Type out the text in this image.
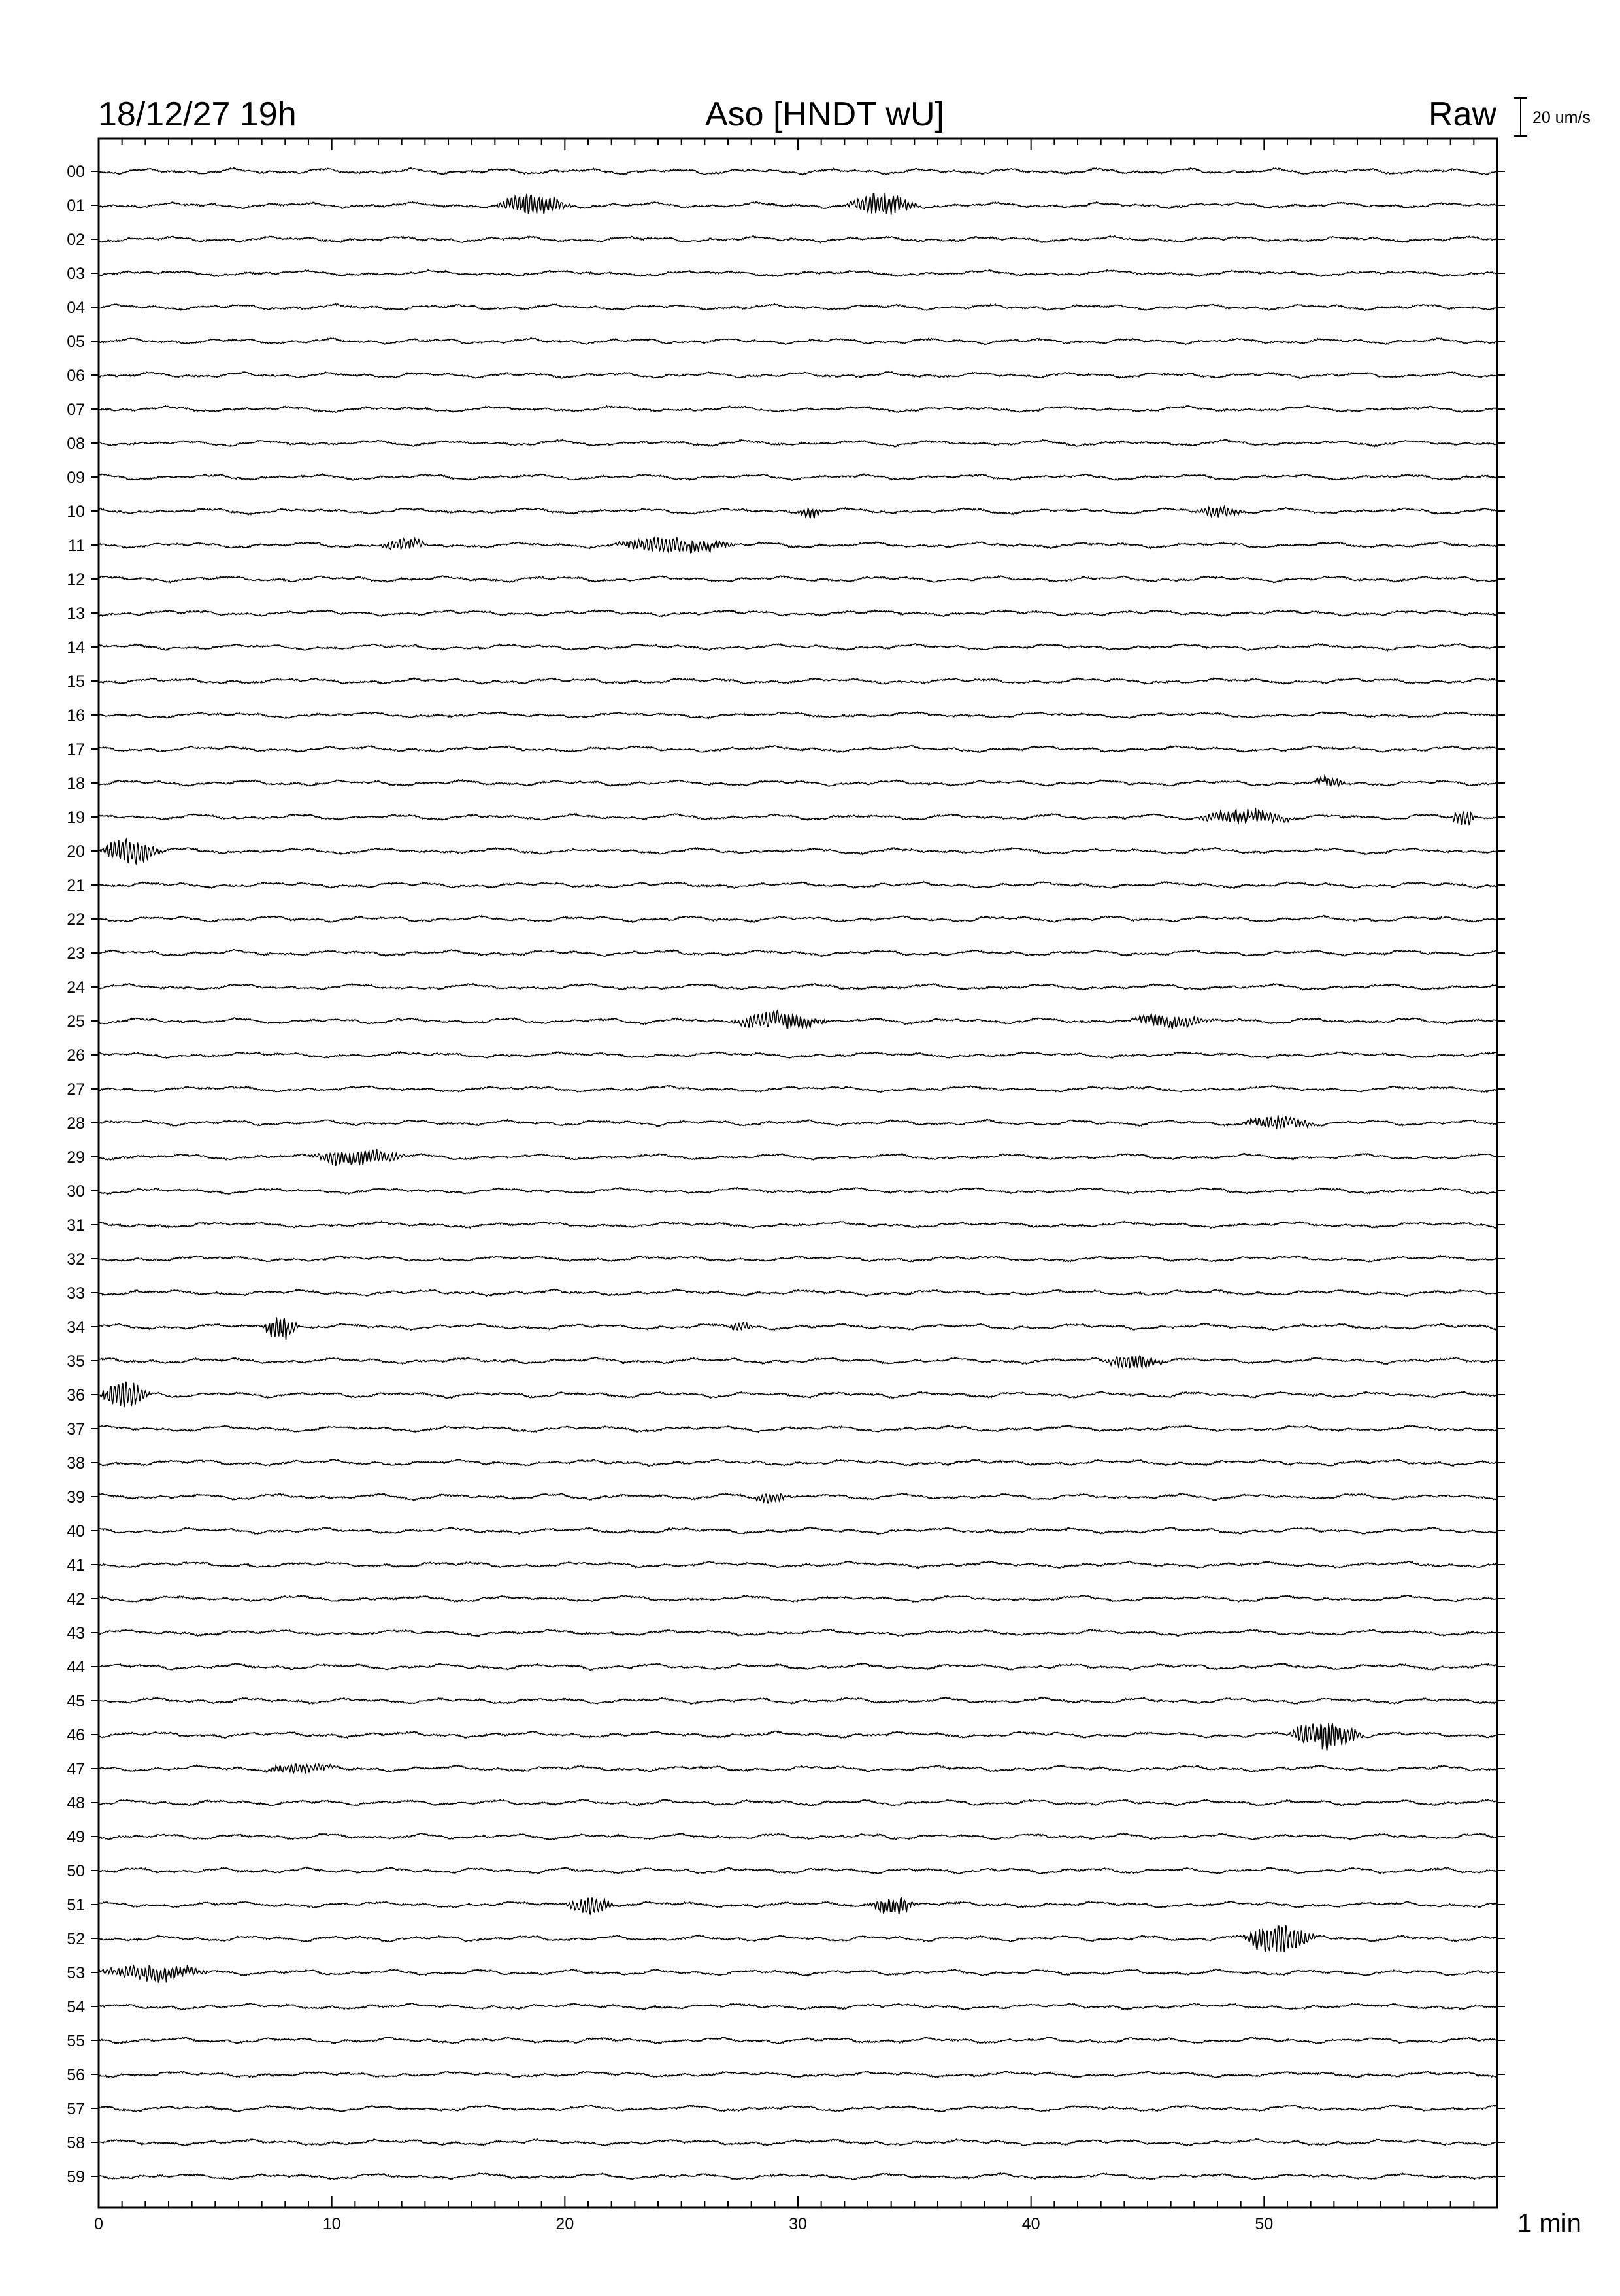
18/12/27 19h	Aso [HNDT wU]	Raw 20 um/s
00
01
02
03
04
05
06
07
08
09
10
11
12
13
14
15
16
17
18
19
20
21
22
23
24
25
26
27
28
29
30
31
32
33
34
35
36
37
38
39
40
41
42
43
44
45
46
47
48
49
50
51
52
53
54
55
56
57
58
59
0	10	20	30	40	50	1 min
